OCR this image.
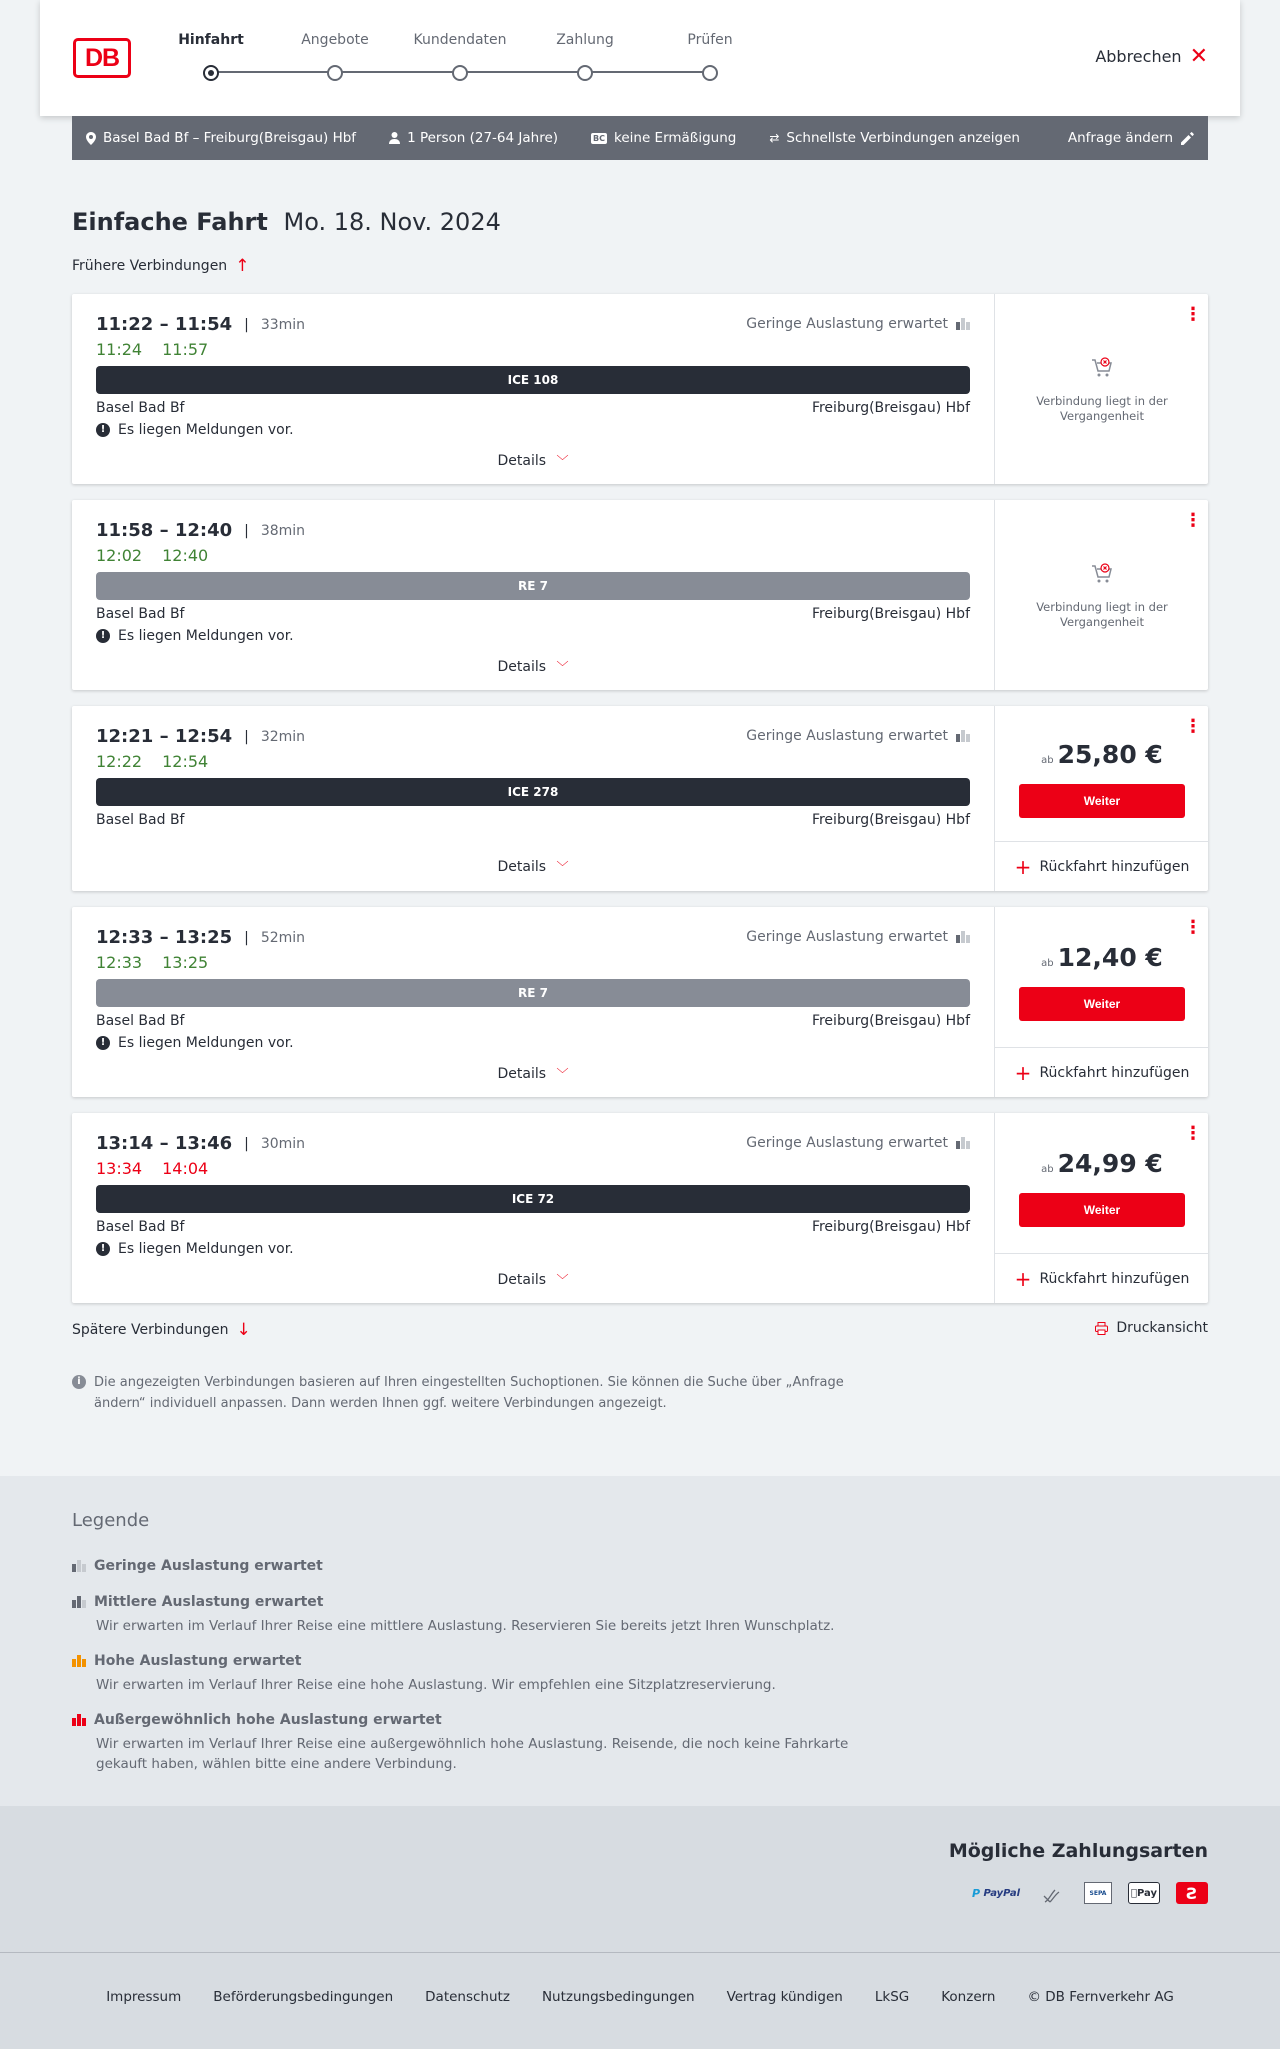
DB
Hinfahrt	Angebote	Kundendaten	Zahlung	Prüfen
Abbrechen ✕
Basel Bad Bf – Freiburg(Breisgau) Hbf	1 Person (27-64 Jahre)	BC keine Ermäßigung	⇄ Schnellste Verbindungen anzeigen	Anfrage ändern
Einfache Fahrt Mo. 18. Nov. 2024
Frühere Verbindungen ↑
11:22 – 11:54 | 33min
11:24 11:57
Geringe Auslastung erwartet
ICE 108
Basel Bad Bf	Freiburg(Breisgau) Hbf
! Es liegen Meldungen vor.
Details ﹀
⋮
Verbindung liegt in der Vergangenheit
11:58 – 12:40 | 38min
12:02 12:40
RE 7
Basel Bad Bf	Freiburg(Breisgau) Hbf
! Es liegen Meldungen vor.
Details ﹀
⋮
Verbindung liegt in der Vergangenheit
12:21 – 12:54 | 32min
12:22 12:54
Geringe Auslastung erwartet
ICE 278
Basel Bad Bf	Freiburg(Breisgau) Hbf
Details ﹀
⋮
ab 25,80 €
Weiter
+ Rückfahrt hinzufügen
12:33 – 13:25 | 52min
12:33 13:25
Geringe Auslastung erwartet
RE 7
Basel Bad Bf	Freiburg(Breisgau) Hbf
! Es liegen Meldungen vor.
Details ﹀
⋮
ab 12,40 €
Weiter
+ Rückfahrt hinzufügen
13:14 – 13:46 | 30min
13:34 14:04
Geringe Auslastung erwartet
ICE 72
Basel Bad Bf	Freiburg(Breisgau) Hbf
! Es liegen Meldungen vor.
Details ﹀
⋮
ab 24,99 €
Weiter
+ Rückfahrt hinzufügen
Spätere Verbindungen ↓	Druckansicht
i	Die angezeigten Verbindungen basieren auf Ihren eingestellten Suchoptionen. Sie können die Suche über „Anfrage ändern“ individuell anpassen. Dann werden Ihnen ggf. weitere Verbindungen angezeigt.
Legende
Geringe Auslastung erwartet
Mittlere Auslastung erwartet
Wir erwarten im Verlauf Ihrer Reise eine mittlere Auslastung. Reservieren Sie bereits jetzt Ihren Wunschplatz.
Hohe Auslastung erwartet
Wir erwarten im Verlauf Ihrer Reise eine hohe Auslastung. Wir empfehlen eine Sitzplatzreservierung.
Außergewöhnlich hohe Auslastung erwartet
Wir erwarten im Verlauf Ihrer Reise eine außergewöhnlich hohe Auslastung. Reisende, die noch keine Fahrkarte gekauft haben, wählen bitte eine andere Verbindung.
Mögliche Zahlungsarten
P
PayPal	SEPA	Pay	Ƨ
Impressum Beförderungsbedingungen Datenschutz Nutzungsbedingungen Vertrag kündigen LkSG Konzern © DB Fernverkehr AG
